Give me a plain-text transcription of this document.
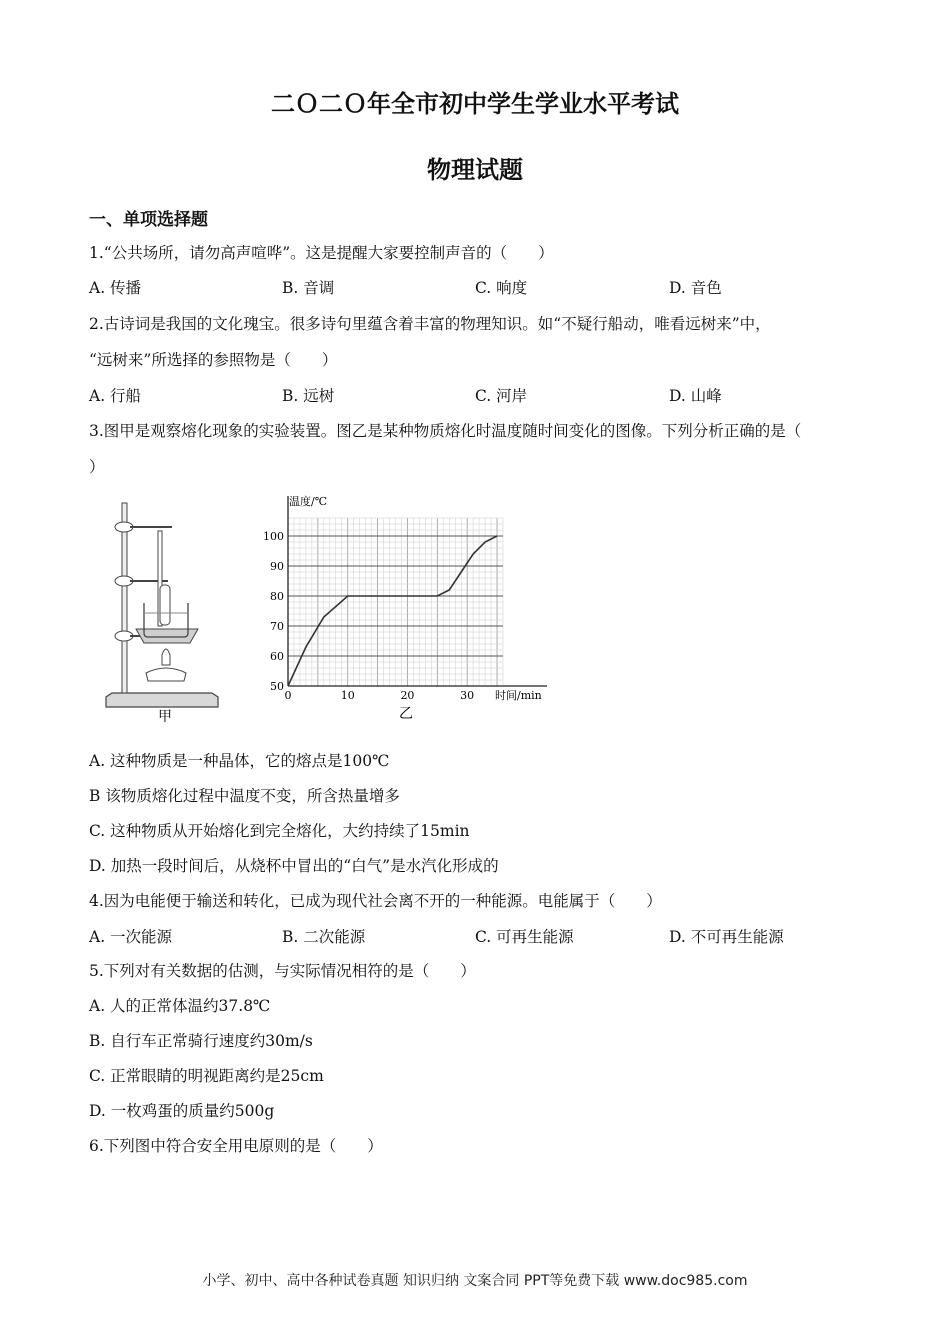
二Ｏ二Ｏ年全市初中学生学业水平考试
物理试题
一、单项选择题
1.“公共场所，请勿高声喧哗”。这是提醒大家要控制声音的（　　）
A. 传播	B. 音调	C. 响度	D. 音色
2.古诗词是我国的文化瑰宝。很多诗句里蕴含着丰富的物理知识。如“不疑行船动，唯看远树来”中，
“远树来”所选择的参照物是（　　）
A. 行船	B. 远树	C. 河岸	D. 山峰
3.图甲是观察熔化现象的实验装置。图乙是某种物质熔化时温度随时间变化的图像。下列分析正确的是（
）
甲
0	10	20	30
50
60
70
80
90
100
温度/℃
时间/min
乙
A. 这种物质是一种晶体，它的熔点是100℃
B 该物质熔化过程中温度不变，所含热量增多
C. 这种物质从开始熔化到完全熔化，大约持续了15min
D. 加热一段时间后，从烧杯中冒出的“白气”是水汽化形成的
4.因为电能便于输送和转化，已成为现代社会离不开的一种能源。电能属于（　　）
A. 一次能源	B. 二次能源	C. 可再生能源	D. 不可再生能源
5.下列对有关数据的估测，与实际情况相符的是（　　）
A. 人的正常体温约37.8℃
B. 自行车正常骑行速度约30m/s
C. 正常眼睛的明视距离约是25cm
D. 一枚鸡蛋的质量约500g
6.下列图中符合安全用电原则的是（　　）
小学、初中、高中各种试卷真题 知识归纳 文案合同 PPT等免费下载 www.doc985.com
